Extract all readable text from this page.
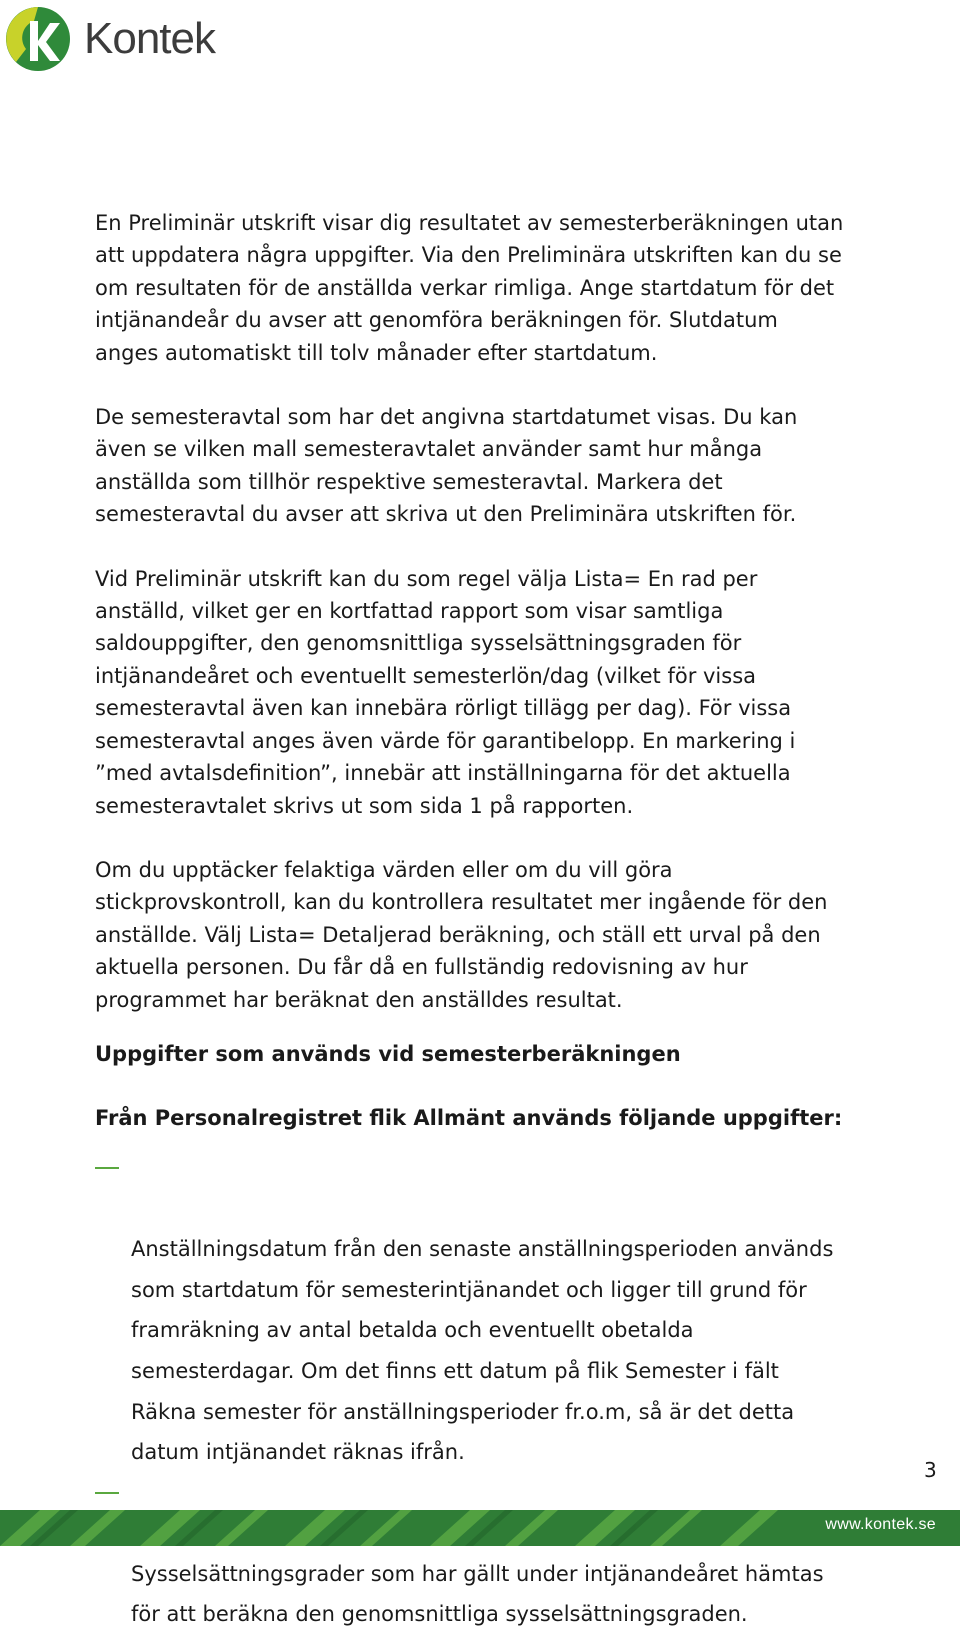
Kontek

En Preliminär utskrift visar dig resultatet av semesterberäkningen utan
att uppdatera några uppgifter. Via den Preliminära utskriften kan du se
om resultaten för de anställda verkar rimliga. Ange startdatum för det
intjänandeår du avser att genomföra beräkningen för. Slutdatum
anges automatiskt till tolv månader efter startdatum.

De semesteravtal som har det angivna startdatumet visas. Du kan
även se vilken mall semesteravtalet använder samt hur många
anställda som tillhör respektive semesteravtal. Markera det
semesteravtal du avser att skriva ut den Preliminära utskriften för.

Vid Preliminär utskrift kan du som regel välja Lista= En rad per
anställd, vilket ger en kortfattad rapport som visar samtliga
saldouppgifter, den genomsnittliga sysselsättningsgraden för
intjänandeåret och eventuellt semesterlön/dag (vilket för vissa
semesteravtal även kan innebära rörligt tillägg per dag). För vissa
semesteravtal anges även värde för garantibelopp. En markering i
”med avtalsdefinition”, innebär att inställningarna för det aktuella
semesteravtalet skrivs ut som sida 1 på rapporten.

Om du upptäcker felaktiga värden eller om du vill göra
stickprovskontroll, kan du kontrollera resultatet mer ingående för den
anställde. Välj Lista= Detaljerad beräkning, och ställ ett urval på den
aktuella personen. Du får då en fullständig redovisning av hur
programmet har beräknat den anställdes resultat.

Uppgifter som används vid semesterberäkningen
Från Personalregistret flik Allmänt används följande uppgifter:

Anställningsdatum från den senaste anställningsperioden används
som startdatum för semesterintjänandet och ligger till grund för
framräkning av antal betalda och eventuellt obetalda
semesterdagar. Om det finns ett datum på flik Semester i fält
Räkna semester för anställningsperioder fr.o.m, så är det detta
datum intjänandet räknas ifrån.

Sysselsättningsgrader som har gällt under intjänandeåret hämtas
för att beräkna den genomsnittliga sysselsättningsgraden.

3
www.kontek.se
